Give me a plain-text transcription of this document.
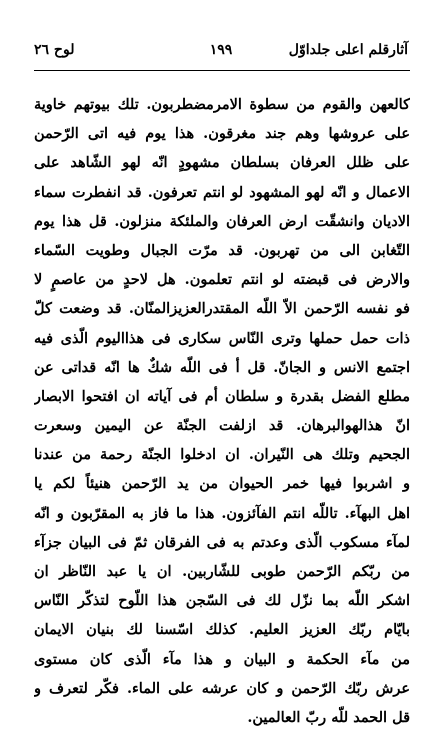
آثارقلم اعلى جلداوّل
١٩٩
لوح ٢٦
كالعهن والقوم من سطوة الامرمضطربون. تلك بيوتهم خاوية
على عروشها وهم جند مغرقون. هذا يوم فيه اتى الرّحمن
على ظلل العرفان بسلطان مشهودٍ انّه لهو الشّاهد على
الاعمال و انّه لهو المشهود لو انتم تعرفون. قد انفطرت سماء
الاديان وانشقّت ارض العرفان والملئكة منزلون. قل هذا يوم
التّغابن الى من تهربون. قد مرّت الجبال وطويت السّماء
والارض فى قبضته لو انتم تعلمون. هل لاحدٍ من عاصمٍ لا
فو نفسه الرّحمن الاّ اللّه المقتدرالعزيزالمنّان. قد وضعت كلّ
ذات حمل حملها وترى النّاس سكارى فى هذااليوم الّذى فيه
اجتمع الانس و الجانّ. قل أ فى اللّه شكٌ ها انّه قداتى عن
مطلع الفضل بقدرة و سلطان أم فى آياته ان افتحوا الابصار
انّ هذالهوالبرهان. قد ازلفت الجنّة عن اليمين وسعرت
الجحيم وتلك هى النّيران. ان ادخلوا الجنّة رحمة من عندنا
و اشربوا فيها خمر الحيوان من يد الرّحمن هنيئاً لكم يا
اهل البهآء. تاللّه انتم الفآئزون. هذا ما فاز به المقرّبون و انّه
لمآء مسكوب الّذى وعدتم به فى الفرقان ثمّ فى البيان جزآء
من ربّكم الرّحمن طوبى للشّاربين. ان يا عبد النّاظر ان
اشكر اللّه بما نزّل لك فى السّجن هذا اللّوح لتذكّر النّاس
بايّام ربّك العزيز العليم. كذلك اسّسنا لك بنيان الايمان
من مآء الحكمة و البيان و هذا مآء الّذى كان مستوى
عرش ربّك الرّحمن و كان عرشه على الماء. فكّر لتعرف و
قل الحمد للّه ربّ العالمين.
